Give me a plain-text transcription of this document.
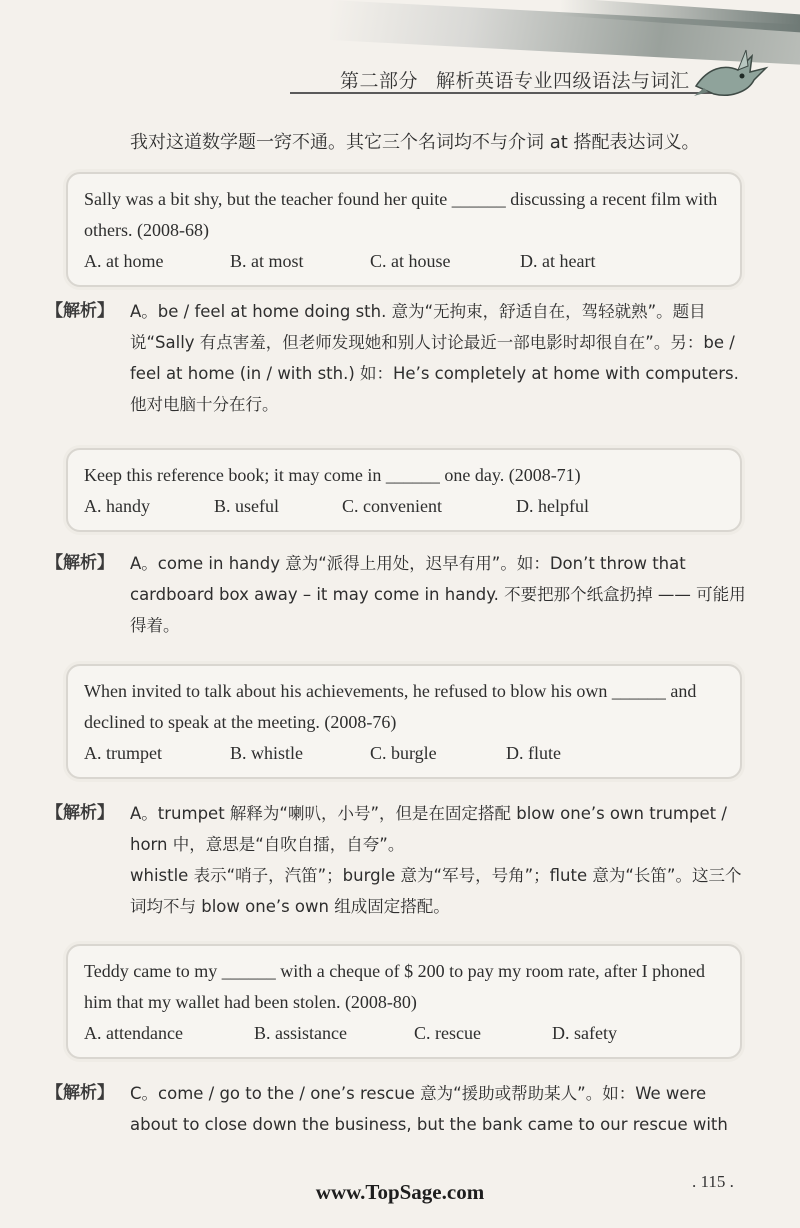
第二部分 解析英语专业四级语法与词汇
我对这道数学题一窍不通。其它三个名词均不与介词 at 搭配表达词义。
Sally was a bit shy, but the teacher found her quite ______ discussing a recent film with others. (2008-68)
A. at home	B. at most	C. at house	D. at heart
【解析】 A。be / feel at home doing sth. 意为“无拘束，舒适自在，驾轻就熟”。题目说“Sally 有点害羞，但老师发现她和别人讨论最近一部电影时却很自在”。另：be / feel at home (in / with sth.) 如：He’s completely at home with computers. 他对电脑十分在行。

Keep this reference book; it may come in ______ one day. (2008-71)
A. handy	B. useful	C. convenient	D. helpful
【解析】 A。come in handy 意为“派得上用处，迟早有用”。如：Don’t throw that cardboard box away – it may come in handy. 不要把那个纸盒扔掉 —— 可能用得着。

When invited to talk about his achievements, he refused to blow his own ______ and declined to speak at the meeting. (2008-76)
A. trumpet	B. whistle	C. burgle	D. flute
【解析】 A。trumpet 解释为“喇叭，小号”，但是在固定搭配 blow one’s own trumpet / horn 中，意思是“自吹自擂，自夸”。

whistle 表示“哨子，汽笛”；burgle 意为“军号，号角”；flute 意为“长笛”。这三个词均不与 blow one’s own 组成固定搭配。

Teddy came to my ______ with a cheque of $ 200 to pay my room rate, after I phoned him that my wallet had been stolen. (2008-80)
A. attendance	B. assistance	C. rescue	D. safety
【解析】 C。come / go to the / one’s rescue 意为“援助或帮助某人”。如：We were about to close down the business, but the bank came to our rescue with

. 115 .
www.TopSage.com
